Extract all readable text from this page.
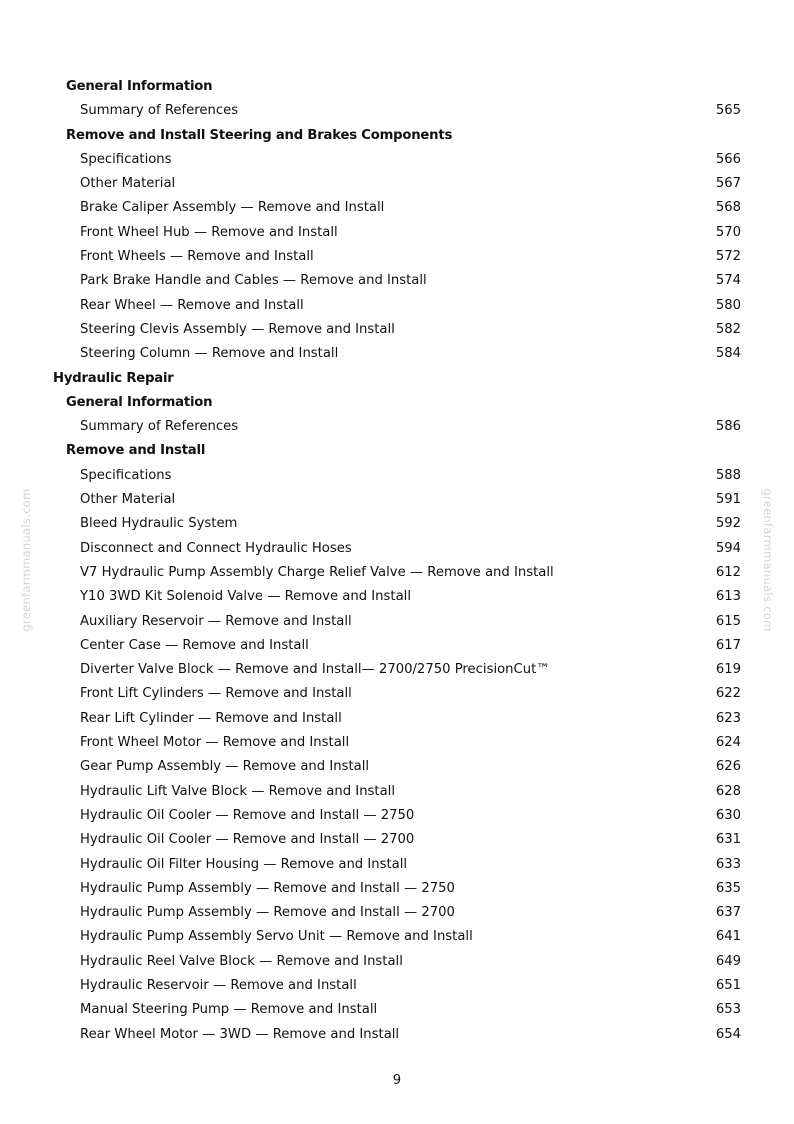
General Information
Summary of References	565
Remove and Install Steering and Brakes Components
Specifications	566
Other Material	567
Brake Caliper Assembly — Remove and Install	568
Front Wheel Hub — Remove and Install	570
Front Wheels — Remove and Install	572
Park Brake Handle and Cables — Remove and Install	574
Rear Wheel — Remove and Install	580
Steering Clevis Assembly — Remove and Install	582
Steering Column — Remove and Install	584
Hydraulic Repair
General Information
Summary of References	586
Remove and Install
Specifications	588
Other Material	591
Bleed Hydraulic System	592
Disconnect and Connect Hydraulic Hoses	594
V7 Hydraulic Pump Assembly Charge Relief Valve — Remove and Install	612
Y10 3WD Kit Solenoid Valve — Remove and Install	613
Auxiliary Reservoir — Remove and Install	615
Center Case — Remove and Install	617
Diverter Valve Block — Remove and Install— 2700/2750 PrecisionCut™	619
Front Lift Cylinders — Remove and Install	622
Rear Lift Cylinder — Remove and Install	623
Front Wheel Motor — Remove and Install	624
Gear Pump Assembly — Remove and Install	626
Hydraulic Lift Valve Block — Remove and Install	628
Hydraulic Oil Cooler — Remove and Install — 2750	630
Hydraulic Oil Cooler — Remove and Install — 2700	631
Hydraulic Oil Filter Housing — Remove and Install	633
Hydraulic Pump Assembly — Remove and Install — 2750	635
Hydraulic Pump Assembly — Remove and Install — 2700	637
Hydraulic Pump Assembly Servo Unit — Remove and Install	641
Hydraulic Reel Valve Block — Remove and Install	649
Hydraulic Reservoir — Remove and Install	651
Manual Steering Pump — Remove and Install	653
Rear Wheel Motor — 3WD — Remove and Install	654
greenfarmmanuals.com	greenfarmmanuals.com
9
